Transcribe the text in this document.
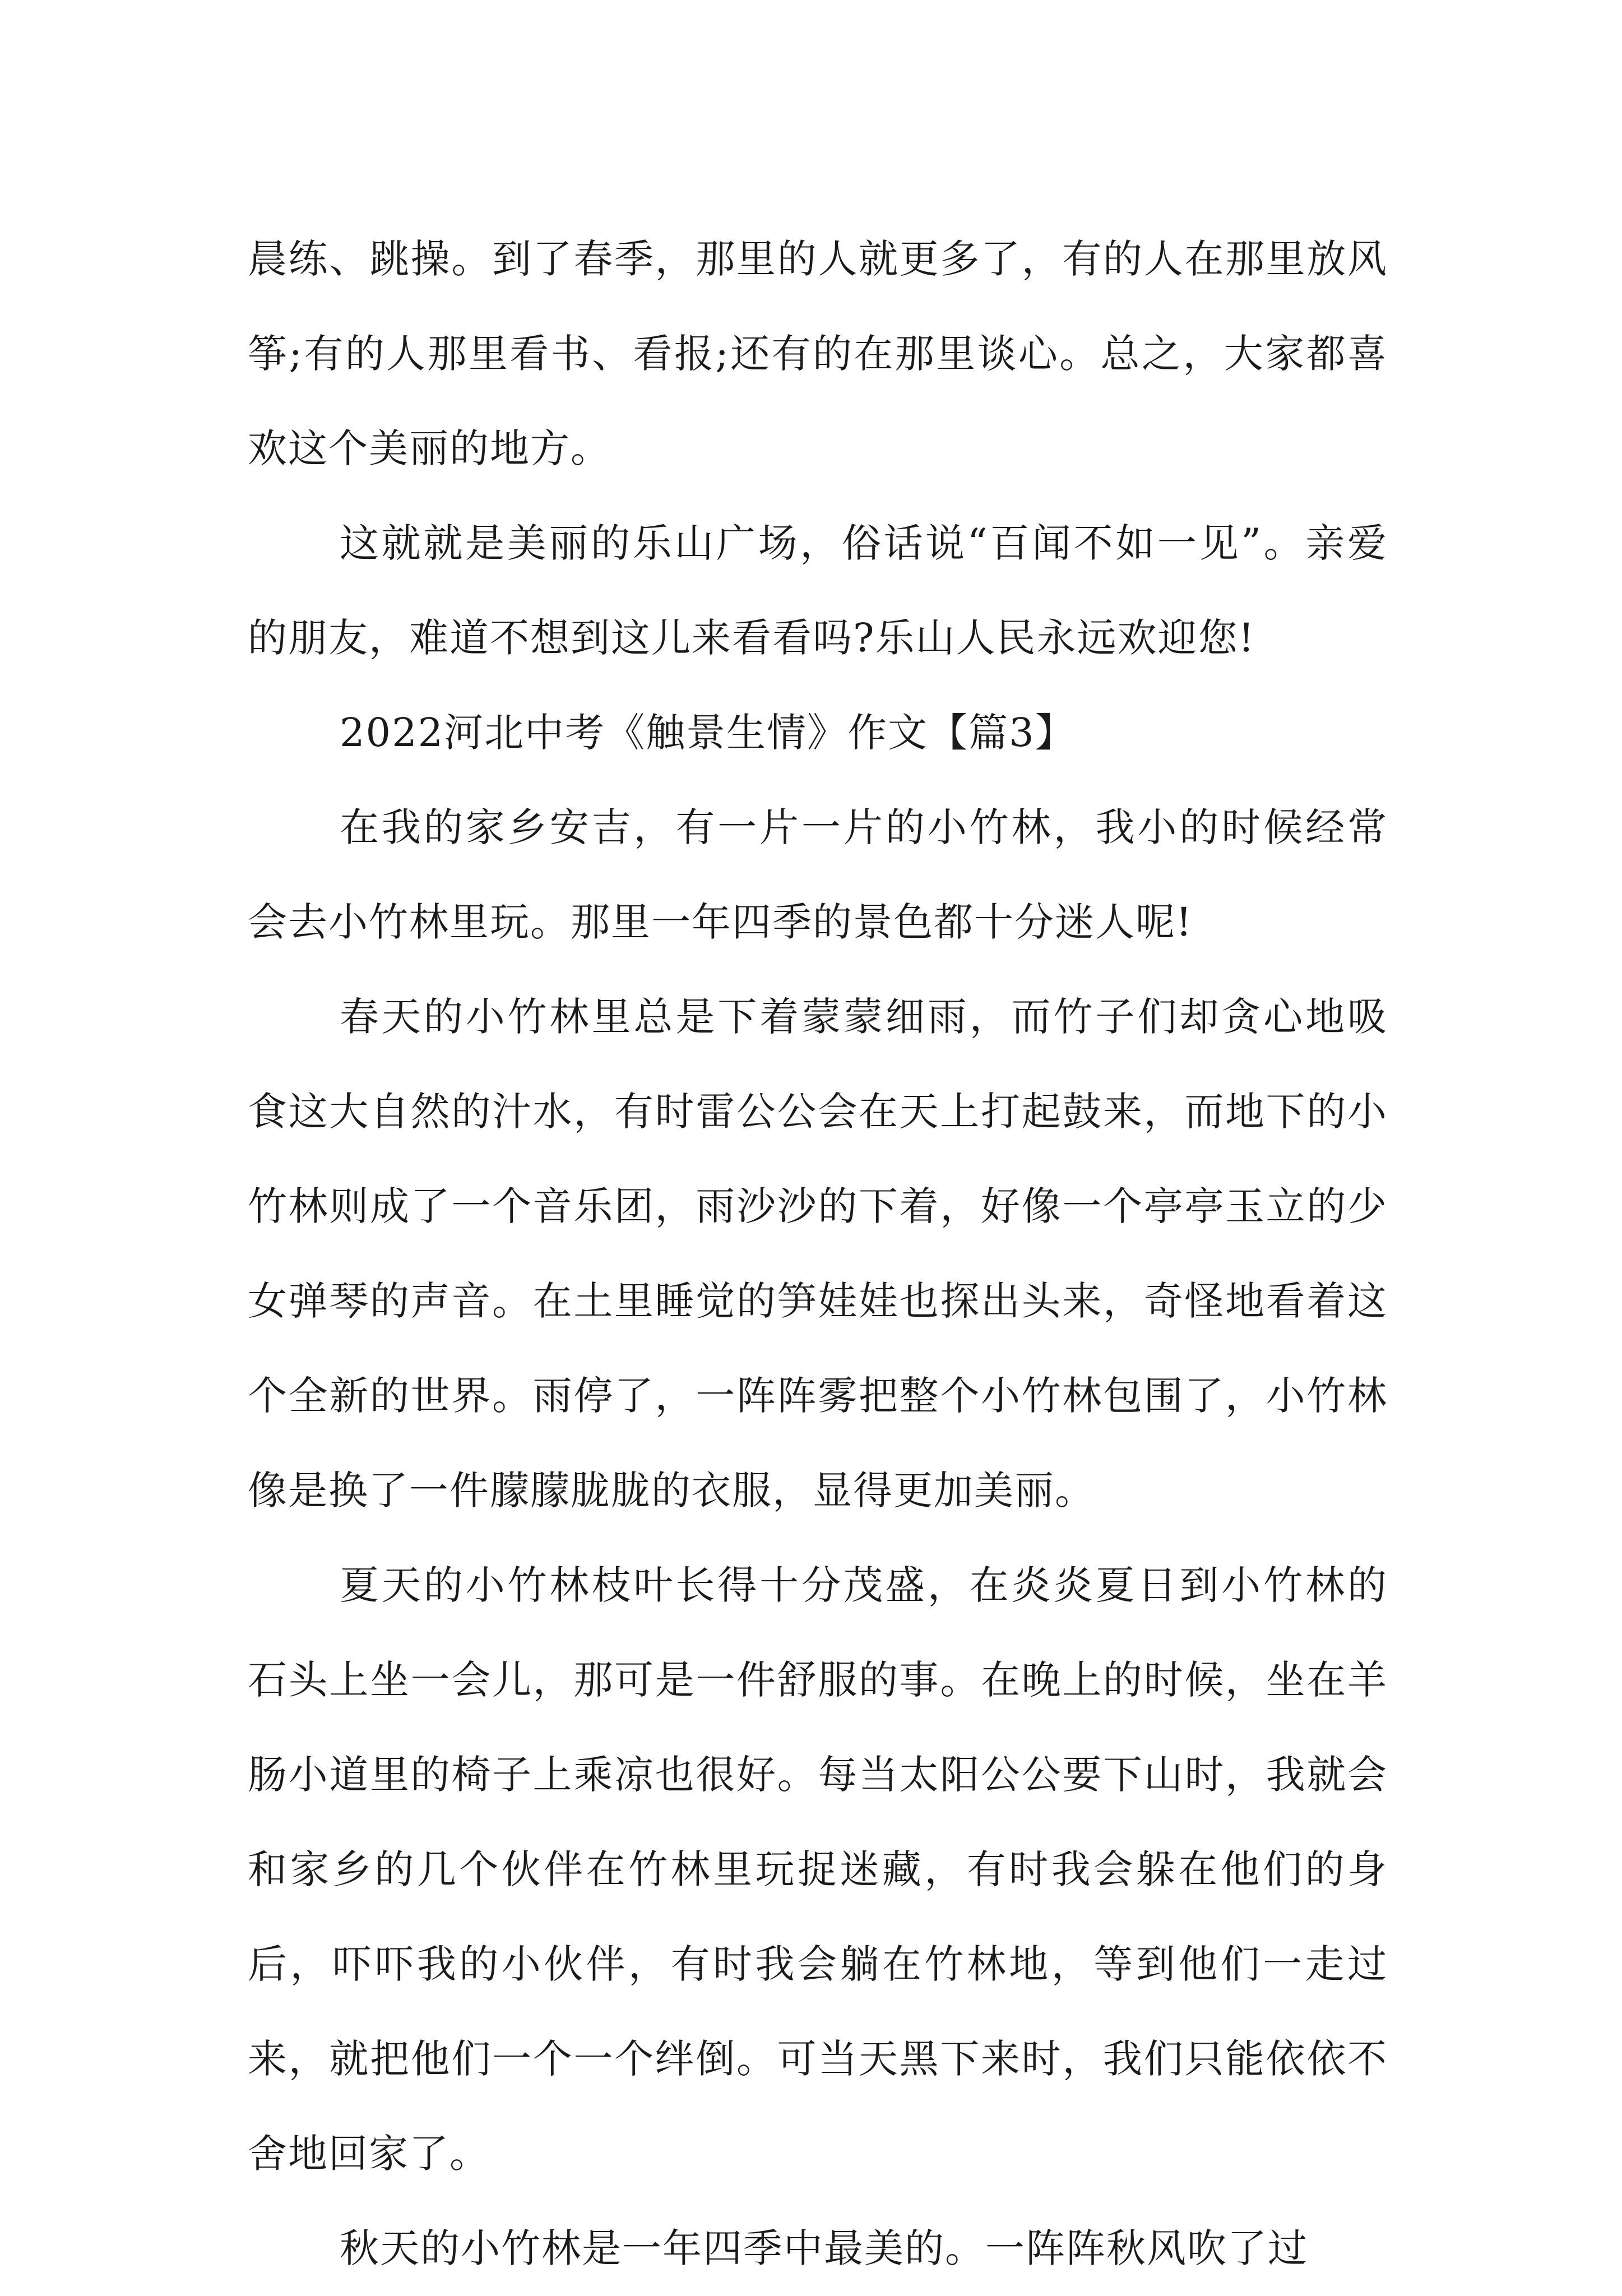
晨练、跳操。到了春季，那里的人就更多了，有的人在那里放风筝;有的人那里看书、看报;还有的在那里谈心。总之，大家都喜欢这个美丽的地方。

这就就是美丽的乐山广场，俗话说“百闻不如一见”。亲爱的朋友，难道不想到这儿来看看吗?乐山人民永远欢迎您!

2022河北中考《触景生情》作文【篇3】

在我的家乡安吉，有一片一片的小竹林，我小的时候经常会去小竹林里玩。那里一年四季的景色都十分迷人呢!

春天的小竹林里总是下着蒙蒙细雨，而竹子们却贪心地吸食这大自然的汁水，有时雷公公会在天上打起鼓来，而地下的小竹林则成了一个音乐团，雨沙沙的下着，好像一个亭亭玉立的少女弹琴的声音。在土里睡觉的笋娃娃也探出头来，奇怪地看着这个全新的世界。雨停了，一阵阵雾把整个小竹林包围了，小竹林像是换了一件朦朦胧胧的衣服，显得更加美丽。

夏天的小竹林枝叶长得十分茂盛，在炎炎夏日到小竹林的石头上坐一会儿，那可是一件舒服的事。在晚上的时候，坐在羊肠小道里的椅子上乘凉也很好。每当太阳公公要下山时，我就会和家乡的几个伙伴在竹林里玩捉迷藏，有时我会躲在他们的身后，吓吓我的小伙伴，有时我会躺在竹林地，等到他们一走过来，就把他们一个一个绊倒。可当天黑下来时，我们只能依依不舍地回家了。

秋天的小竹林是一年四季中最美的。一阵阵秋风吹了过
